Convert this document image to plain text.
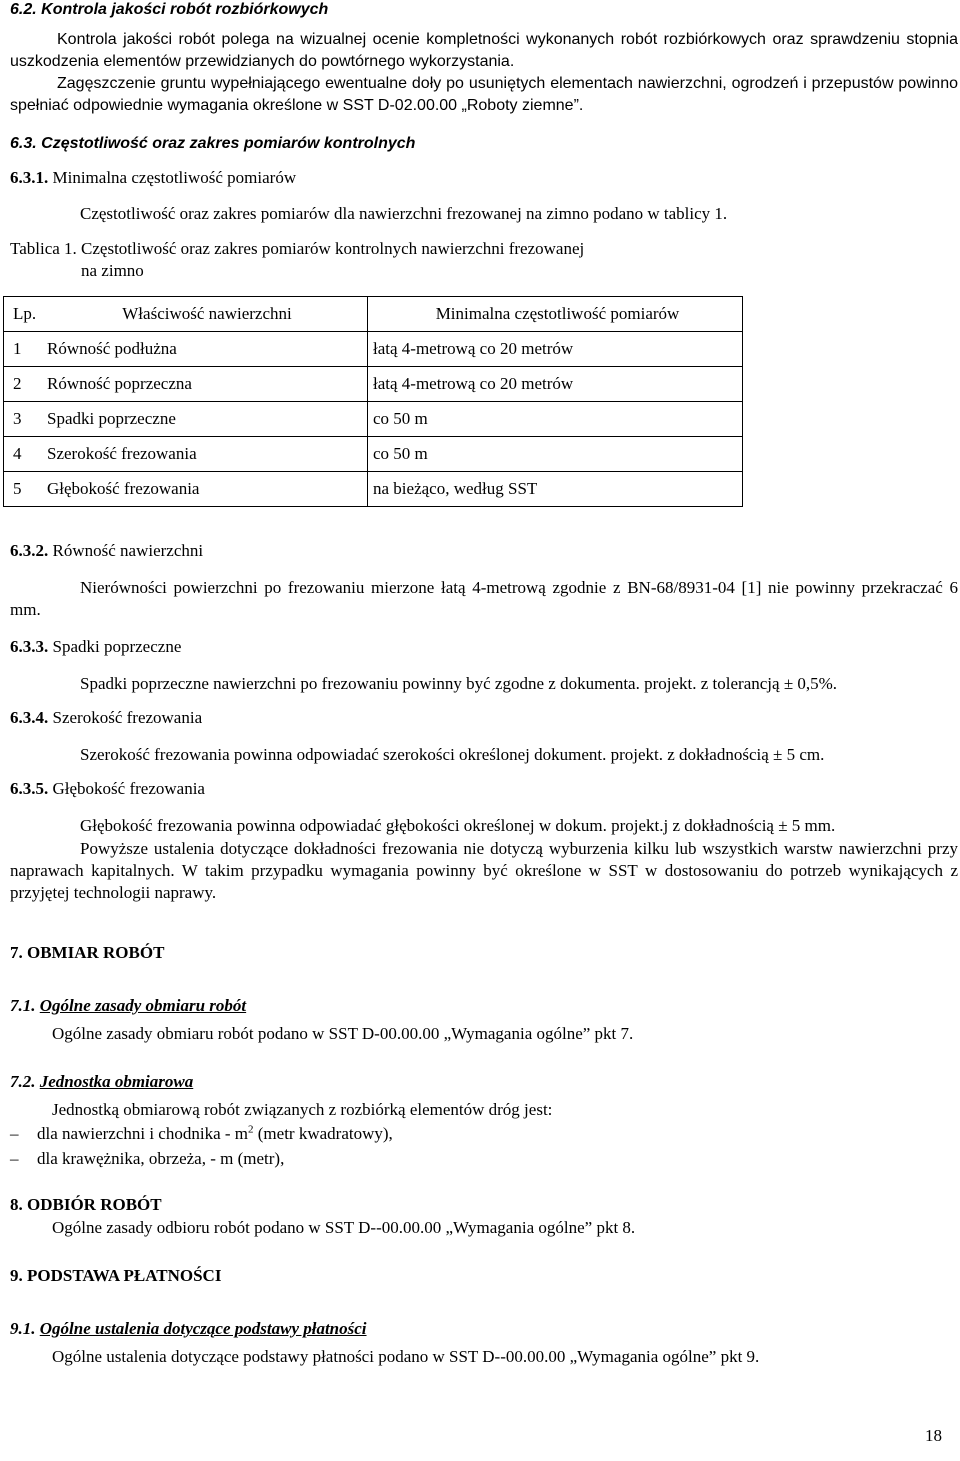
6.2. Kontrola jakości robót rozbiórkowych

Kontrola jakości robót polega na wizualnej ocenie kompletności wykonanych robót rozbiórkowych oraz sprawdzeniu stopnia uszkodzenia elementów przewidzianych do powtórnego wykorzystania.

Zagęszczenie gruntu wypełniającego ewentualne doły po usuniętych elementach nawierzchni, ogrodzeń i przepustów powinno spełniać odpowiednie wymagania określone w SST D-02.00.00 „Roboty ziemne”.

6.3. Częstotliwość oraz zakres pomiarów kontrolnych
6.3.1. Minimalna częstotliwość pomiarów

Częstotliwość oraz zakres pomiarów dla nawierzchni frezowanej na zimno podano w tablicy 1.

Tablica 1. Częstotliwość oraz zakres pomiarów kontrolnych nawierzchni frezowanej
na zimno
Lp.	Właściwość nawierzchni	Minimalna częstotliwość pomiarów
1	Równość podłużna	łatą 4-metrową co 20 metrów
2	Równość poprzeczna	łatą 4-metrową co 20 metrów
3	Spadki poprzeczne	co 50 m
4	Szerokość frezowania	co 50 m
5	Głębokość frezowania	na bieżąco, według SST
6.3.2. Równość nawierzchni

Nierówności powierzchni po frezowaniu mierzone łatą 4-metrową zgodnie z BN-68/8931-04 [1] nie powinny przekraczać 6 mm.

6.3.3. Spadki poprzeczne

Spadki poprzeczne nawierzchni po frezowaniu powinny być zgodne z dokumenta. projekt. z tolerancją ± 0,5%.

6.3.4. Szerokość frezowania

Szerokość frezowania powinna odpowiadać szerokości określonej dokument. projekt. z dokładnością ± 5 cm.

6.3.5. Głębokość frezowania

Głębokość frezowania powinna odpowiadać głębokości określonej w dokum. projekt.j z dokładnością ± 5 mm.

Powyższe ustalenia dotyczące dokładności frezowania nie dotyczą wyburzenia kilku lub wszystkich warstw nawierzchni przy naprawach kapitalnych. W takim przypadku wymagania powinny być określone w SST w dostosowaniu do potrzeb wynikających z przyjętej technologii naprawy.

7. OBMIAR ROBÓT
7.1. Ogólne zasady obmiaru robót

Ogólne zasady obmiaru robót podano w SST D-00.00.00 „Wymagania ogólne” pkt 7.

7.2. Jednostka obmiarowa

Jednostką obmiarową robót związanych z rozbiórką elementów dróg jest:

– dla nawierzchni i chodnika - $m^2$ (metr kwadratowy),
– dla krawężnika, obrzeża, - m (metr),
8. ODBIÓR ROBÓT

Ogólne zasady odbioru robót podano w SST D--00.00.00 „Wymagania ogólne” pkt 8.

9. PODSTAWA PŁATNOŚCI
9.1. Ogólne ustalenia dotyczące podstawy płatności

Ogólne ustalenia dotyczące podstawy płatności podano w SST D--00.00.00 „Wymagania ogólne” pkt 9.

18
